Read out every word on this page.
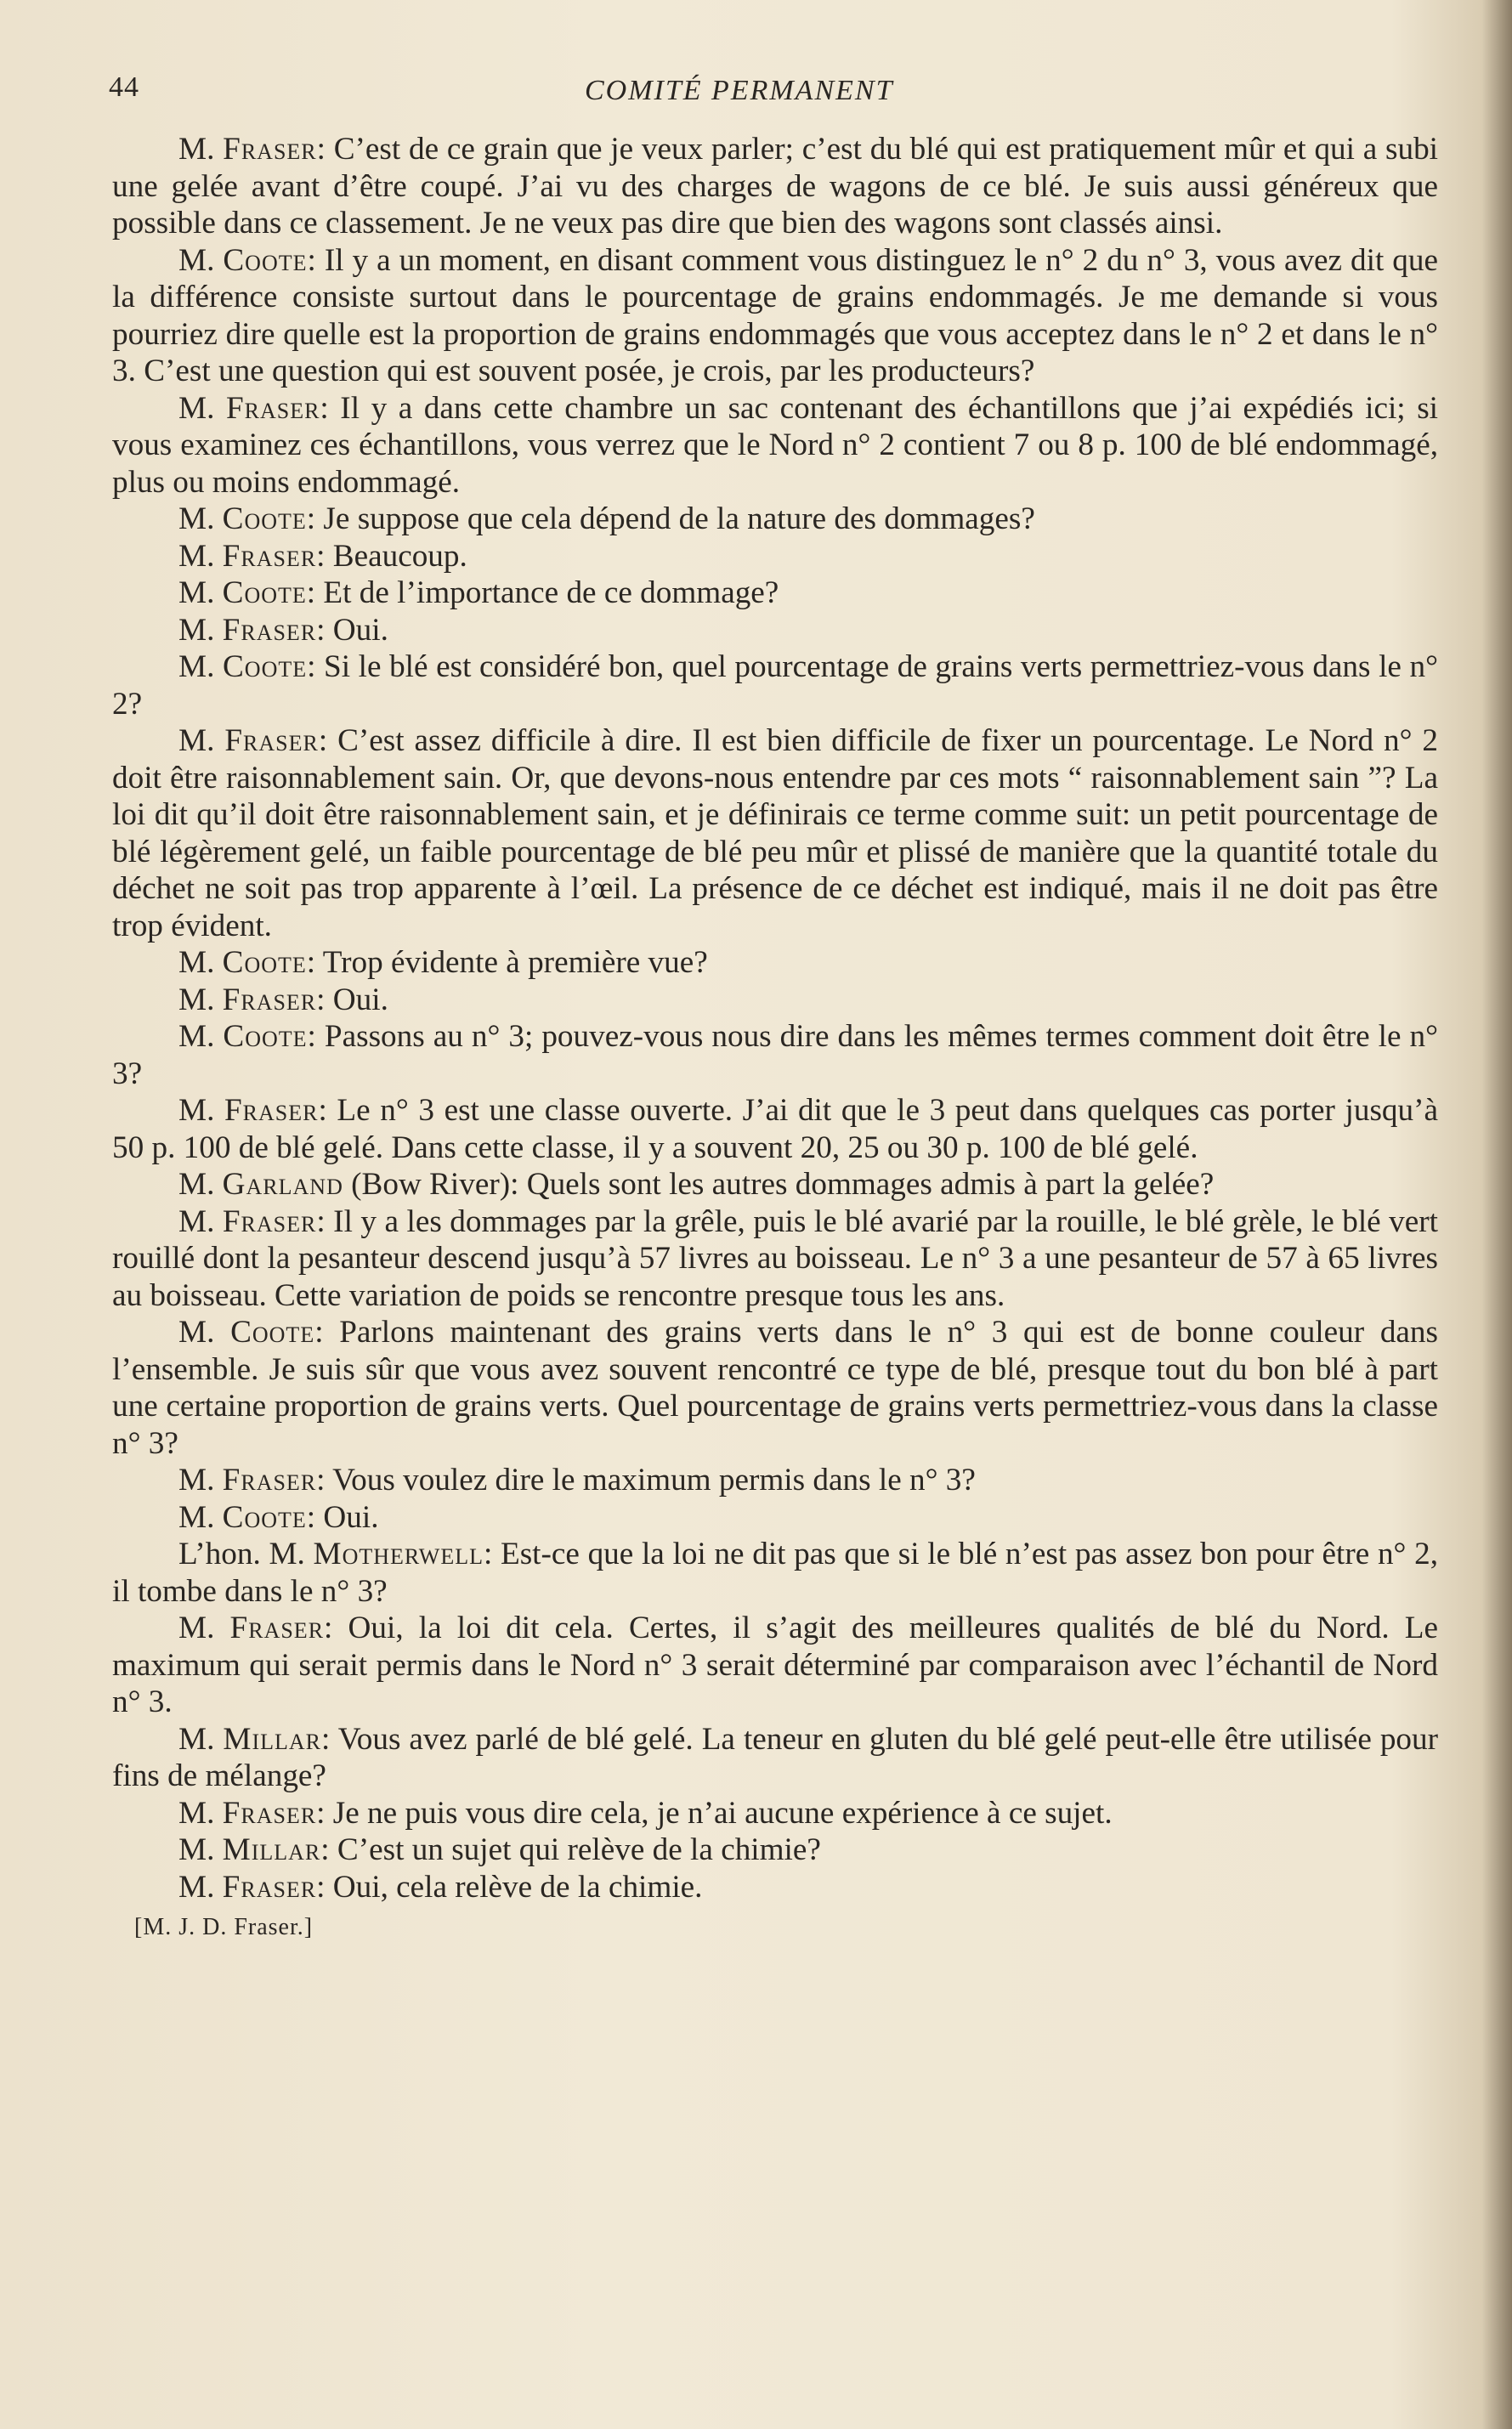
44	COMITÉ PERMANENT

M. Fraser: C’est de ce grain que je veux parler; c’est du blé qui est pratiquement mûr et qui a subi une gelée avant d’être coupé. J’ai vu des charges de wagons de ce blé. Je suis aussi généreux que possible dans ce classement. Je ne veux pas dire que bien des wagons sont classés ainsi.

M. Coote: Il y a un moment, en disant comment vous distinguez le n° 2 du n° 3, vous avez dit que la différence consiste surtout dans le pourcentage de grains endommagés. Je me demande si vous pourriez dire quelle est la proportion de grains endommagés que vous acceptez dans le n° 2 et dans le n° 3. C’est une question qui est souvent posée, je crois, par les producteurs?

M. Fraser: Il y a dans cette chambre un sac contenant des échantillons que j’ai expédiés ici; si vous examinez ces échantillons, vous verrez que le Nord n° 2 contient 7 ou 8 p. 100 de blé endommagé, plus ou moins endommagé.

M. Coote: Je suppose que cela dépend de la nature des dommages?

M. Fraser: Beaucoup.

M. Coote: Et de l’importance de ce dommage?

M. Fraser: Oui.

M. Coote: Si le blé est considéré bon, quel pourcentage de grains verts permettriez-vous dans le n° 2?

M. Fraser: C’est assez difficile à dire. Il est bien difficile de fixer un pourcentage. Le Nord n° 2 doit être raisonnablement sain. Or, que devons-nous entendre par ces mots “ raisonnablement sain ”? La loi dit qu’il doit être raisonnablement sain, et je définirais ce terme comme suit: un petit pourcentage de blé légèrement gelé, un faible pourcentage de blé peu mûr et plissé de manière que la quantité totale du déchet ne soit pas trop apparente à l’œil. La présence de ce déchet est indiqué, mais il ne doit pas être trop évident.

M. Coote: Trop évidente à première vue?

M. Fraser: Oui.

M. Coote: Passons au n° 3; pouvez-vous nous dire dans les mêmes termes comment doit être le n° 3?

M. Fraser: Le n° 3 est une classe ouverte. J’ai dit que le 3 peut dans quelques cas porter jusqu’à 50 p. 100 de blé gelé. Dans cette classe, il y a souvent 20, 25 ou 30 p. 100 de blé gelé.

M. Garland (Bow River): Quels sont les autres dommages admis à part la gelée?

M. Fraser: Il y a les dommages par la grêle, puis le blé avarié par la rouille, le blé grèle, le blé vert rouillé dont la pesanteur descend jusqu’à 57 livres au boisseau. Le n° 3 a une pesanteur de 57 à 65 livres au boisseau. Cette variation de poids se rencontre presque tous les ans.

M. Coote: Parlons maintenant des grains verts dans le n° 3 qui est de bonne couleur dans l’ensemble. Je suis sûr que vous avez souvent rencontré ce type de blé, presque tout du bon blé à part une certaine proportion de grains verts. Quel pourcentage de grains verts permettriez-vous dans la classe n° 3?

M. Fraser: Vous voulez dire le maximum permis dans le n° 3?

M. Coote: Oui.

L’hon. M. Motherwell: Est-ce que la loi ne dit pas que si le blé n’est pas assez bon pour être n° 2, il tombe dans le n° 3?

M. Fraser: Oui, la loi dit cela. Certes, il s’agit des meilleures qualités de blé du Nord. Le maximum qui serait permis dans le Nord n° 3 serait déterminé par comparaison avec l’échantil de Nord n° 3.

M. Millar: Vous avez parlé de blé gelé. La teneur en gluten du blé gelé peut-elle être utilisée pour fins de mélange?

M. Fraser: Je ne puis vous dire cela, je n’ai aucune expérience à ce sujet.

M. Millar: C’est un sujet qui relève de la chimie?

M. Fraser: Oui, cela relève de la chimie.

[M. J. D. Fraser.]
